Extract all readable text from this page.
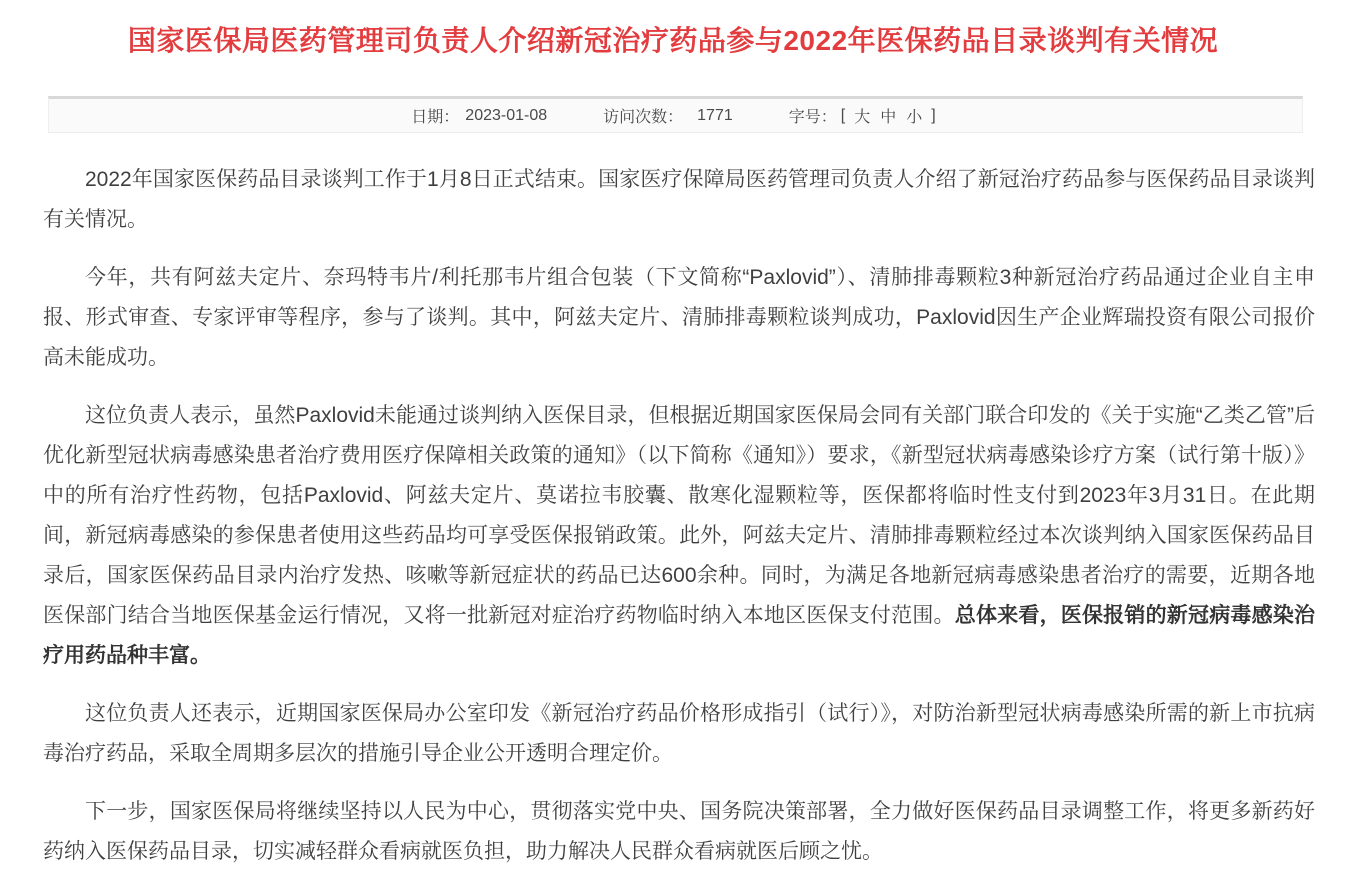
国家医保局医药管理司负责人介绍新冠治疗药品参与2022年医保药品目录谈判有关情况
日期： 2023-01-08	访问次数： 1771	字号： [ 大 中 小 ]

2022年国家医保药品目录谈判工作于1月8日正式结束。国家医疗保障局医药管理司负责人介绍了新冠治疗药品参与医保药品目录谈判有关情况。

今年，共有阿兹夫定片、奈玛特韦片/利托那韦片组合包装（下文简称“Paxlovid”）、清肺排毒颗粒3种新冠治疗药品通过企业自主申报、形式审查、专家评审等程序，参与了谈判。其中，阿兹夫定片、清肺排毒颗粒谈判成功，Paxlovid因生产企业辉瑞投资有限公司报价高未能成功。

这位负责人表示，虽然Paxlovid未能通过谈判纳入医保目录，但根据近期国家医保局会同有关部门联合印发的《关于实施“乙类乙管”后优化新型冠状病毒感染患者治疗费用医疗保障相关政策的通知》（以下简称《通知》）要求，《新型冠状病毒感染诊疗方案（试行第十版）》中的所有治疗性药物，包括Paxlovid、阿兹夫定片、莫诺拉韦胶囊、散寒化湿颗粒等，医保都将临时性支付到2023年3月31日。在此期间，新冠病毒感染的参保患者使用这些药品均可享受医保报销政策。此外，阿兹夫定片、清肺排毒颗粒经过本次谈判纳入国家医保药品目录后，国家医保药品目录内治疗发热、咳嗽等新冠症状的药品已达600余种。同时，为满足各地新冠病毒感染患者治疗的需要，近期各地医保部门结合当地医保基金运行情况，又将一批新冠对症治疗药物临时纳入本地区医保支付范围。总体来看，医保报销的新冠病毒感染治疗用药品种丰富。

这位负责人还表示，近期国家医保局办公室印发《新冠治疗药品价格形成指引（试行）》，对防治新型冠状病毒感染所需的新上市抗病毒治疗药品，采取全周期多层次的措施引导企业公开透明合理定价。

下一步，国家医保局将继续坚持以人民为中心，贯彻落实党中央、国务院决策部署，全力做好医保药品目录调整工作，将更多新药好药纳入医保药品目录，切实减轻群众看病就医负担，助力解决人民群众看病就医后顾之忧。
